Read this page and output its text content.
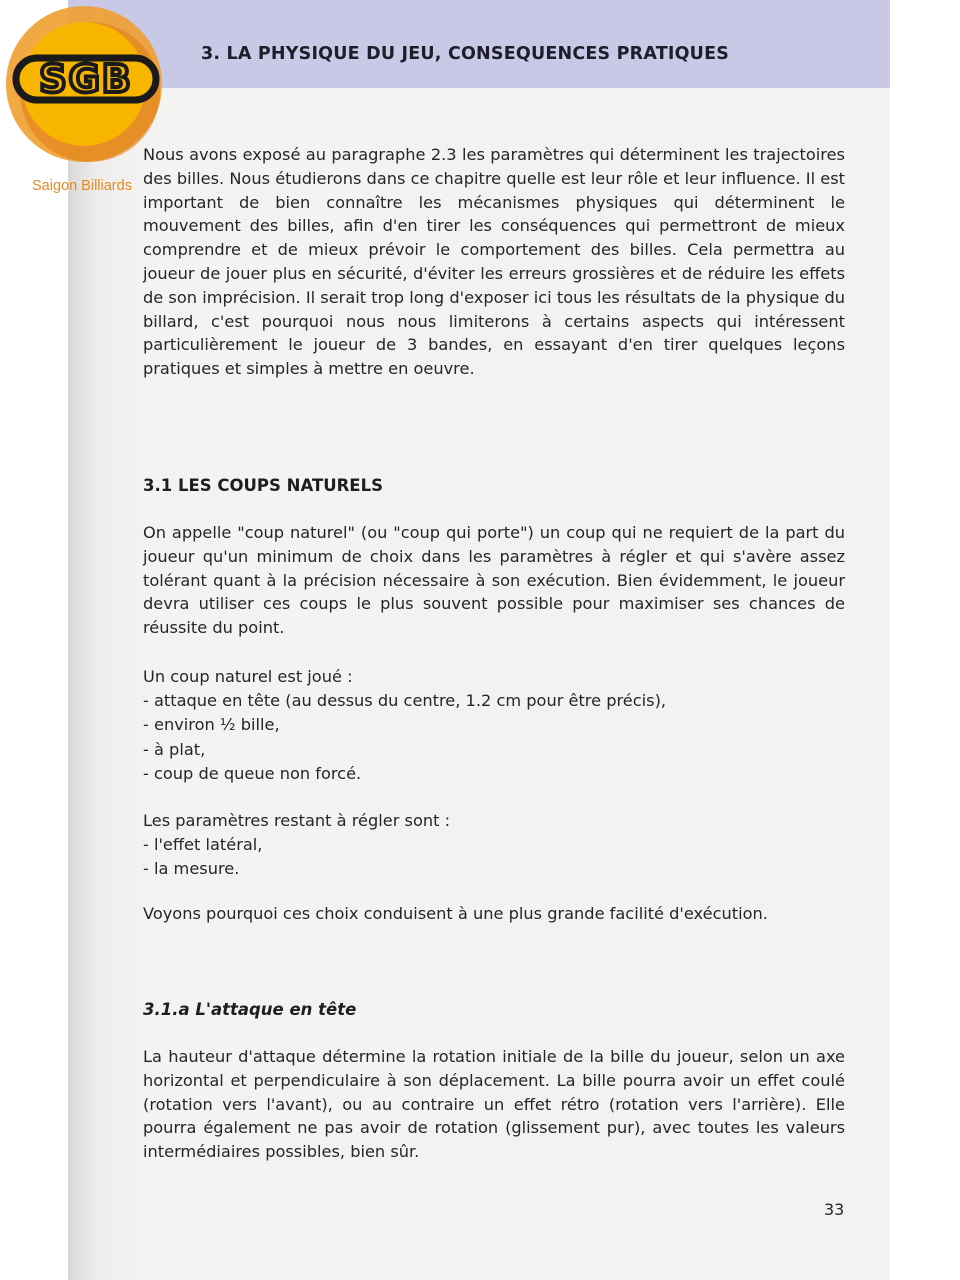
3. LA PHYSIQUE DU JEU, CONSEQUENCES PRATIQUES
Nous avons exposé au paragraphe 2.3 les paramètres qui déterminent les trajectoires des billes. Nous étudierons dans ce chapitre quelle est leur rôle et leur influence. Il est important de bien connaître les mécanismes physiques qui déterminent le mouvement des billes, afin d'en tirer les conséquences qui permettront de mieux comprendre et de mieux prévoir le comportement des billes. Cela permettra au joueur de jouer plus en sécurité, d'éviter les erreurs grossières et de réduire les effets de son imprécision. Il serait trop long d'exposer ici tous les résultats de la physique du billard, c'est pourquoi nous nous limiterons à certains aspects qui intéressent particulièrement le joueur de 3 bandes, en essayant d'en tirer quelques leçons pratiques et simples à mettre en oeuvre.
3.1 LES COUPS NATURELS
On appelle "coup naturel" (ou "coup qui porte") un coup qui ne requiert de la part du joueur qu'un minimum de choix dans les paramètres à régler et qui s'avère assez tolérant quant à la précision nécessaire à son exécution. Bien évidemment, le joueur devra utiliser ces coups le plus souvent possible pour maximiser ses chances de réussite du point.
Un coup naturel est joué :
- attaque en tête (au dessus du centre, 1.2 cm pour être précis),
- environ ½ bille,
- à plat,
- coup de queue non forcé.
Les paramètres restant à régler sont :
- l'effet latéral,
- la mesure.
Voyons pourquoi ces choix conduisent à une plus grande facilité d'exécution.
3.1.a L'attaque en tête
La hauteur d'attaque détermine la rotation initiale de la bille du joueur, selon un axe horizontal et perpendiculaire à son déplacement. La bille pourra avoir un effet coulé (rotation vers l'avant), ou au contraire un effet rétro (rotation vers l'arrière). Elle pourra également ne pas avoir de rotation (glissement pur), avec toutes les valeurs intermédiaires possibles, bien sûr.
33
SGB
Saigon Billiards
